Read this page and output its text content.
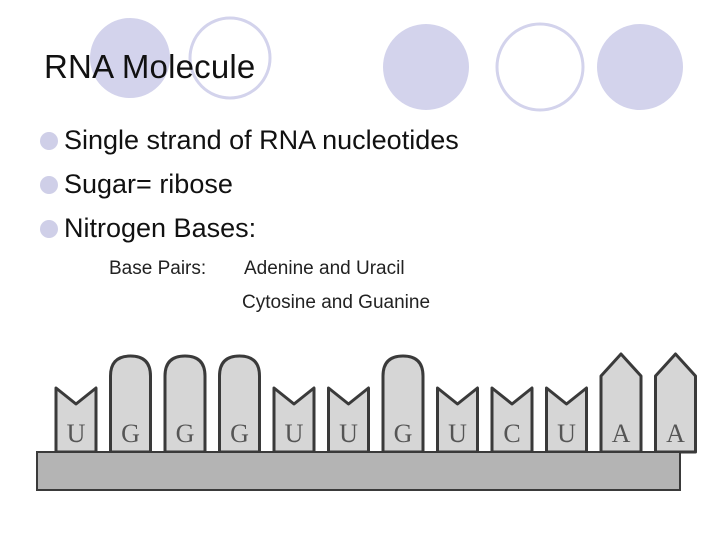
RNA Molecule
Single strand of RNA nucleotides
Sugar= ribose
Nitrogen Bases:
Base Pairs: Adenine and Uracil
Cytosine and Guanine
U G G G U U G U C U A A
